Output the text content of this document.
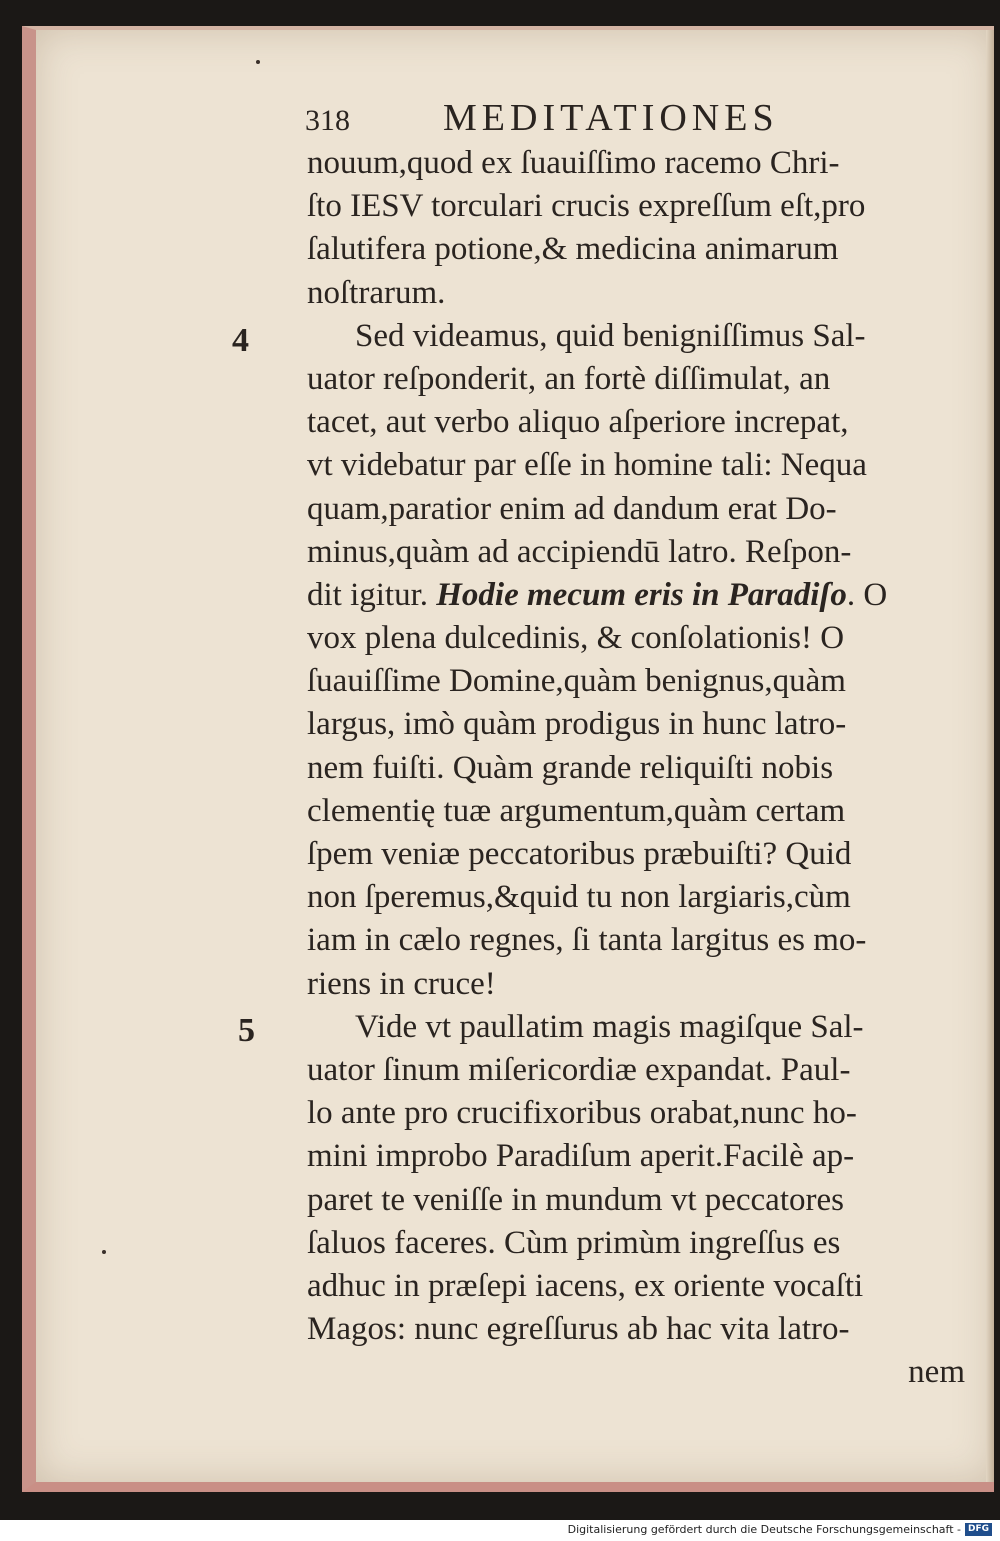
318 MEDITATIONES
4
5
nouum,quod ex ſuauiſſimo racemo Chri-
ſto IESV torculari crucis expreſſum eſt,pro
ſalutifera potione,& medicina animarum
noſtrarum.
Sed videamus, quid benigniſſimus Sal-
uator reſponderit, an fortè diſſimulat, an
tacet, aut verbo aliquo aſperiore increpat,
vt videbatur par eſſe in homine tali: Nequa
quam,paratior enim ad dandum erat Do-
minus,quàm ad accipiendū latro. Reſpon-
dit igitur. Hodie mecum eris in Paradiſo. O
vox plena dulcedinis, & conſolationis! O
ſuauiſſime Domine,quàm benignus,quàm
largus, imò quàm prodigus in hunc latro-
nem fuiſti. Quàm grande reliquiſti nobis
clementię tuæ argumentum,quàm certam
ſpem veniæ peccatoribus præbuiſti? Quid
non ſperemus,&quid tu non largiaris,cùm
iam in cælo regnes, ſi tanta largitus es mo-
riens in cruce!
Vide vt paullatim magis magiſque Sal-
uator ſinum miſericordiæ expandat. Paul-
lo ante pro crucifixoribus orabat,nunc ho-
mini improbo Paradiſum aperit.Facilè ap-
paret te veniſſe in mundum vt peccatores
ſaluos faceres. Cùm primùm ingreſſus es
adhuc in præſepi iacens, ex oriente vocaſti
Magos: nunc egreſſurus ab hac vita latro-
nem
Digitalisierung gefördert durch die Deutsche Forschungsgemeinschaft - DFG
